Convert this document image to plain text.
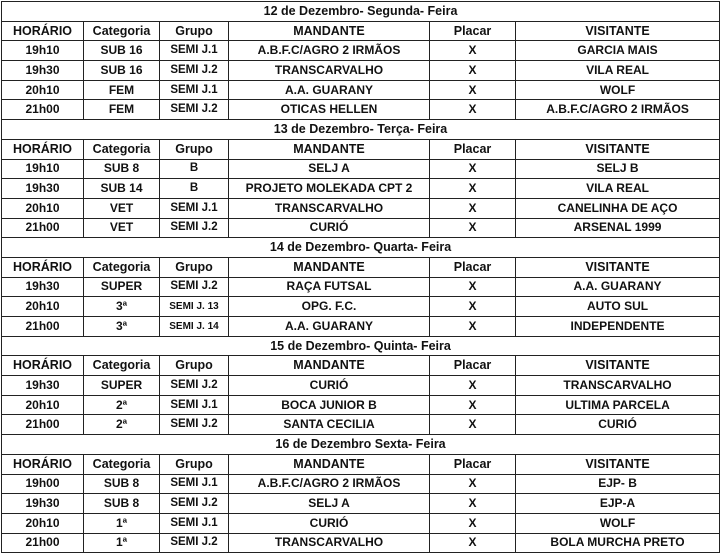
12 de Dezembro- Segunda- Feira					
HORÁRIO	Categoria	Grupo	MANDANTE	Placar	VISITANTE
19h10	SUB 16	SEMI J.1	A.B.F.C/AGRO 2 IRMÃOS	X	GARCIA MAIS
19h30	SUB 16	SEMI J.2	TRANSCARVALHO	X	VILA REAL
20h10	FEM	SEMI J.1	A.A. GUARANY	X	WOLF
21h00	FEM	SEMI J.2	OTICAS HELLEN	X	A.B.F.C/AGRO 2 IRMÃOS
13 de Dezembro- Terça- Feira					
HORÁRIO	Categoria	Grupo	MANDANTE	Placar	VISITANTE
19h10	SUB 8	B	SELJ A	X	SELJ B
19h30	SUB 14	B	PROJETO MOLEKADA CPT 2	X	VILA REAL
20h10	VET	SEMI J.1	TRANSCARVALHO	X	CANELINHA DE AÇO
21h00	VET	SEMI J.2	CURIÓ	X	ARSENAL 1999
14 de Dezembro- Quarta- Feira					
HORÁRIO	Categoria	Grupo	MANDANTE	Placar	VISITANTE
19h30	SUPER	SEMI J.2	RAÇA FUTSAL	X	A.A. GUARANY
20h10	3ª	SEMI J. 13	OPG. F.C.	X	AUTO SUL
21h00	3ª	SEMI J. 14	A.A. GUARANY	X	INDEPENDENTE
15 de Dezembro- Quinta- Feira					
HORÁRIO	Categoria	Grupo	MANDANTE	Placar	VISITANTE
19h30	SUPER	SEMI J.2	CURIÓ	X	TRANSCARVALHO
20h10	2ª	SEMI J.1	BOCA JUNIOR B	X	ULTIMA PARCELA
21h00	2ª	SEMI J.2	SANTA CECILIA	X	CURIÓ
16 de Dezembro Sexta- Feira					
HORÁRIO	Categoria	Grupo	MANDANTE	Placar	VISITANTE
19h00	SUB 8	SEMI J.1	A.B.F.C/AGRO 2 IRMÃOS	X	EJP- B
19h30	SUB 8	SEMI J.2	SELJ A	X	EJP-A
20h10	1ª	SEMI J.1	CURIÓ	X	WOLF
21h00	1ª	SEMI J.2	TRANSCARVALHO	X	BOLA MURCHA PRETO
